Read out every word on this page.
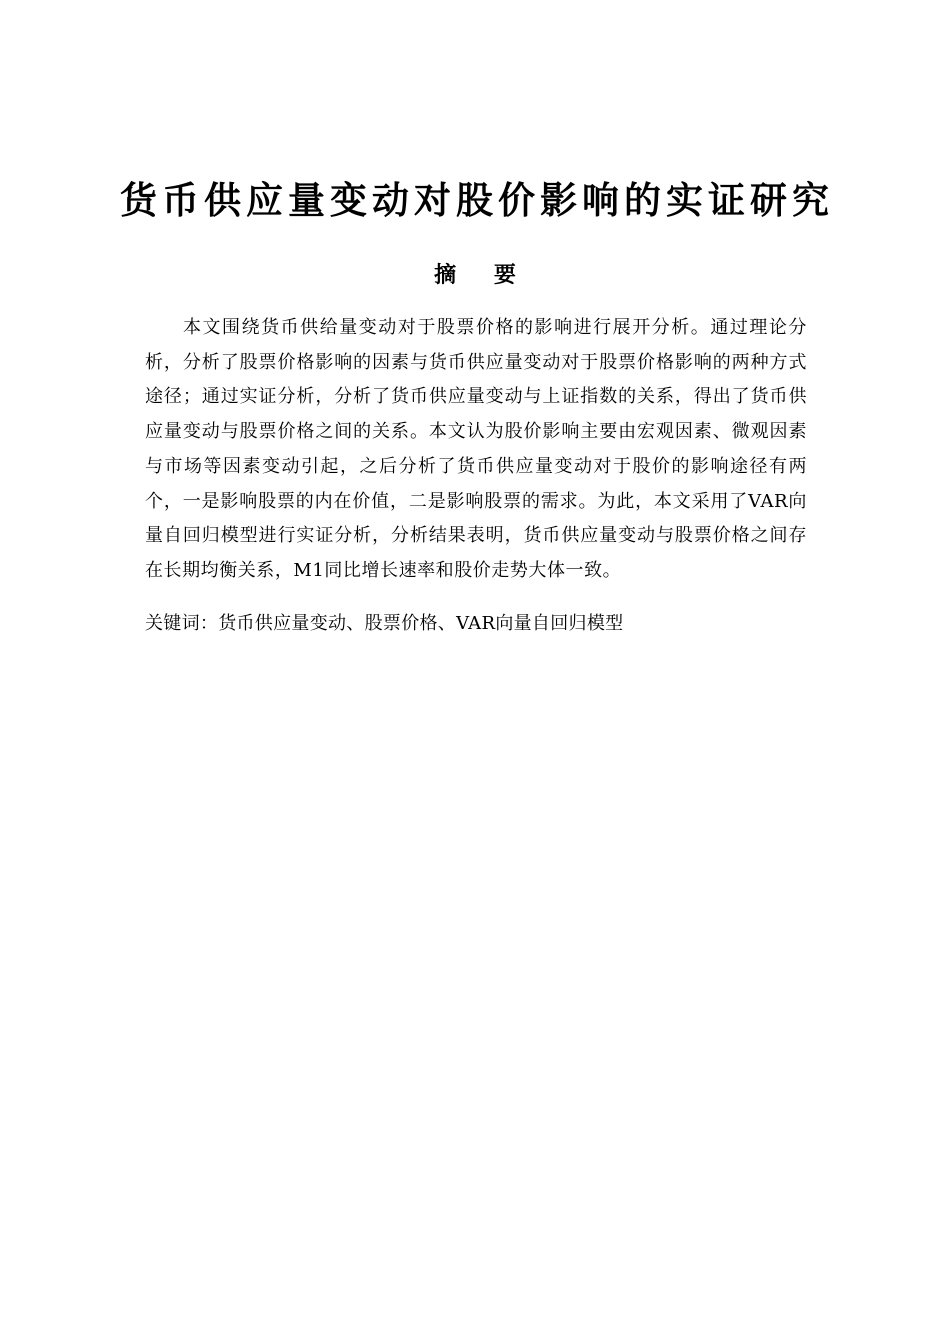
货币供应量变动对股价影响的实证研究
摘 要

本文围绕货币供给量变动对于股票价格的影响进行展开分析。通过理论分析，分析了股票价格影响的因素与货币供应量变动对于股票价格影响的两种方式途径；通过实证分析，分析了货币供应量变动与上证指数的关系，得出了货币供应量变动与股票价格之间的关系。本文认为股价影响主要由宏观因素、微观因素与市场等因素变动引起，之后分析了货币供应量变动对于股价的影响途径有两个，一是影响股票的内在价值，二是影响股票的需求。为此，本文采用了VAR向量自回归模型进行实证分析，分析结果表明，货币供应量变动与股票价格之间存在长期均衡关系，M1同比增长速率和股价走势大体一致。

关键词：货币供应量变动、股票价格、VAR向量自回归模型
